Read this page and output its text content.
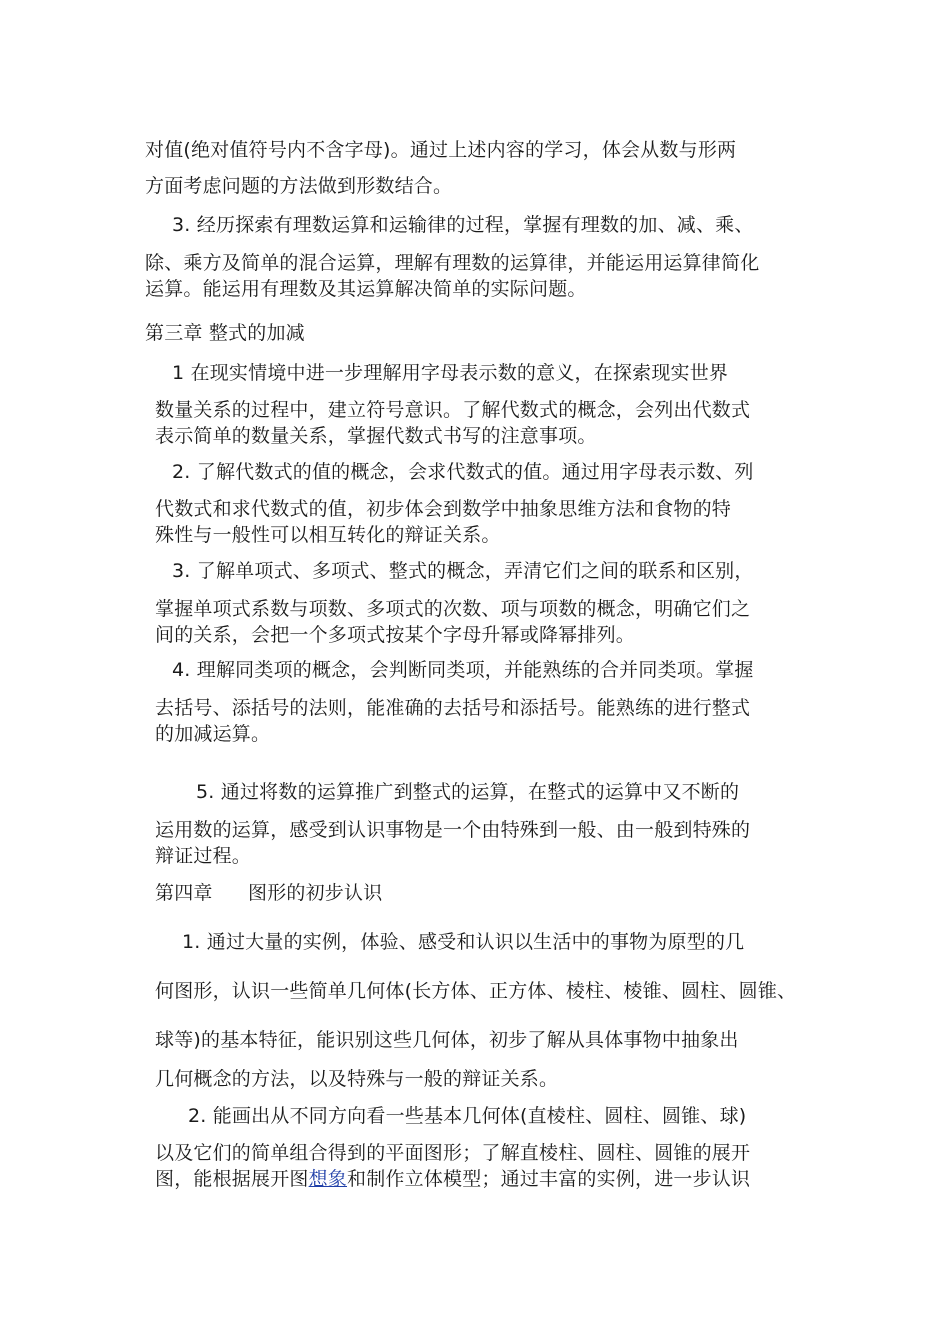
对值(绝对值符号内不含字母)。通过上述内容的学习，体会从数与形两
方面考虑问题的方法做到形数结合。
3. 经历探索有理数运算和运输律的过程，掌握有理数的加、减、乘、
除、乘方及简单的混合运算，理解有理数的运算律，并能运用运算律简化
运算。能运用有理数及其运算解决简单的实际问题。
第三章 整式的加减
1 在现实情境中进一步理解用字母表示数的意义，在探索现实世界
数量关系的过程中，建立符号意识。了解代数式的概念，会列出代数式
表示简单的数量关系，掌握代数式书写的注意事项。
2. 了解代数式的值的概念，会求代数式的值。通过用字母表示数、列
代数式和求代数式的值，初步体会到数学中抽象思维方法和食物的特
殊性与一般性可以相互转化的辩证关系。
3. 了解单项式、多项式、整式的概念，弄清它们之间的联系和区别，
掌握单项式系数与项数、多项式的次数、项与项数的概念，明确它们之
间的关系，会把一个多项式按某个字母升幂或降幂排列。
4. 理解同类项的概念，会判断同类项，并能熟练的合并同类项。掌握
去括号、添括号的法则，能准确的去括号和添括号。能熟练的进行整式
的加减运算。
5. 通过将数的运算推广到整式的运算，在整式的运算中又不断的
运用数的运算，感受到认识事物是一个由特殊到一般、由一般到特殊的
辩证过程。
第四章 图形的初步认识
1. 通过大量的实例，体验、感受和认识以生活中的事物为原型的几
何图形，认识一些简单几何体(长方体、正方体、棱柱、棱锥、圆柱、圆锥、
球等)的基本特征，能识别这些几何体，初步了解从具体事物中抽象出
几何概念的方法，以及特殊与一般的辩证关系。
2. 能画出从不同方向看一些基本几何体(直棱柱、圆柱、圆锥、球)
以及它们的简单组合得到的平面图形；了解直棱柱、圆柱、圆锥的展开
图，能根据展开图想象和制作立体模型；通过丰富的实例，进一步认识
